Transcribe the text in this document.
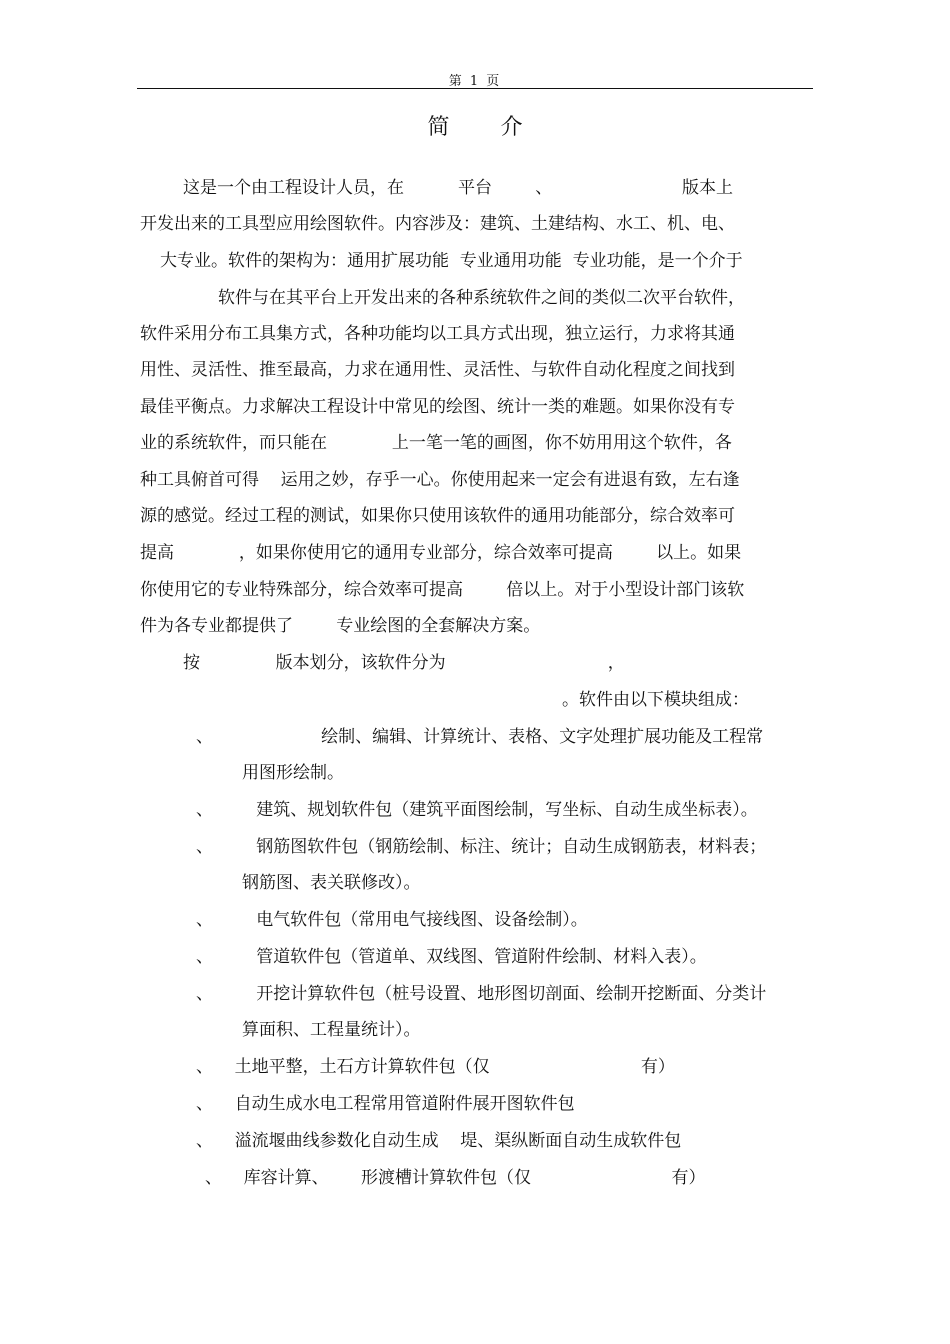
第 1 页
简 介
这是一个由工程设计人员，在          平台        、                        版本上
开发出来的工具型应用绘图软件。内容涉及：建筑、土建结构、水工、机、电、
大专业。软件的架构为：通用扩展功能  专业通用功能  专业功能，是一个介于
软件与在其平台上开发出来的各种系统软件之间的类似二次平台软件，
软件采用分布工具集方式，各种功能均以工具方式出现，独立运行，力求将其通
用性、灵活性、推至最高，力求在通用性、灵活性、与软件自动化程度之间找到
最佳平衡点。力求解决工程设计中常见的绘图、统计一类的难题。如果你没有专
业的系统软件，而只能在            上一笔一笔的画图，你不妨用用这个软件，各
种工具俯首可得    运用之妙，存乎一心。你使用起来一定会有进退有致，左右逢
源的感觉。经过工程的测试，如果你只使用该软件的通用功能部分，综合效率可
提高            ，如果你使用它的通用专业部分，综合效率可提高        以上。如果
你使用它的专业特殊部分，综合效率可提高        倍以上。对于小型设计部门该软
件为各专业都提供了        专业绘图的全套解决方案。
按              版本划分，该软件分为                              ，
。软件由以下模块组成：
、                    绘制、编辑、计算统计、表格、文字处理扩展功能及工程常
用图形绘制。
、        建筑、规划软件包（建筑平面图绘制，写坐标、自动生成坐标表）。
、        钢筋图软件包（钢筋绘制、标注、统计；自动生成钢筋表，材料表；
钢筋图、表关联修改）。
、        电气软件包（常用电气接线图、设备绘制）。
、        管道软件包（管道单、双线图、管道附件绘制、材料入表）。
、        开挖计算软件包（桩号设置、地形图切剖面、绘制开挖断面、分类计
算面积、工程量统计）。
、    土地平整，土石方计算软件包（仅                            有）
、    自动生成水电工程常用管道附件展开图软件包
、    溢流堰曲线参数化自动生成    堤、渠纵断面自动生成软件包
、    库容计算、      形渡槽计算软件包（仅                          有）
